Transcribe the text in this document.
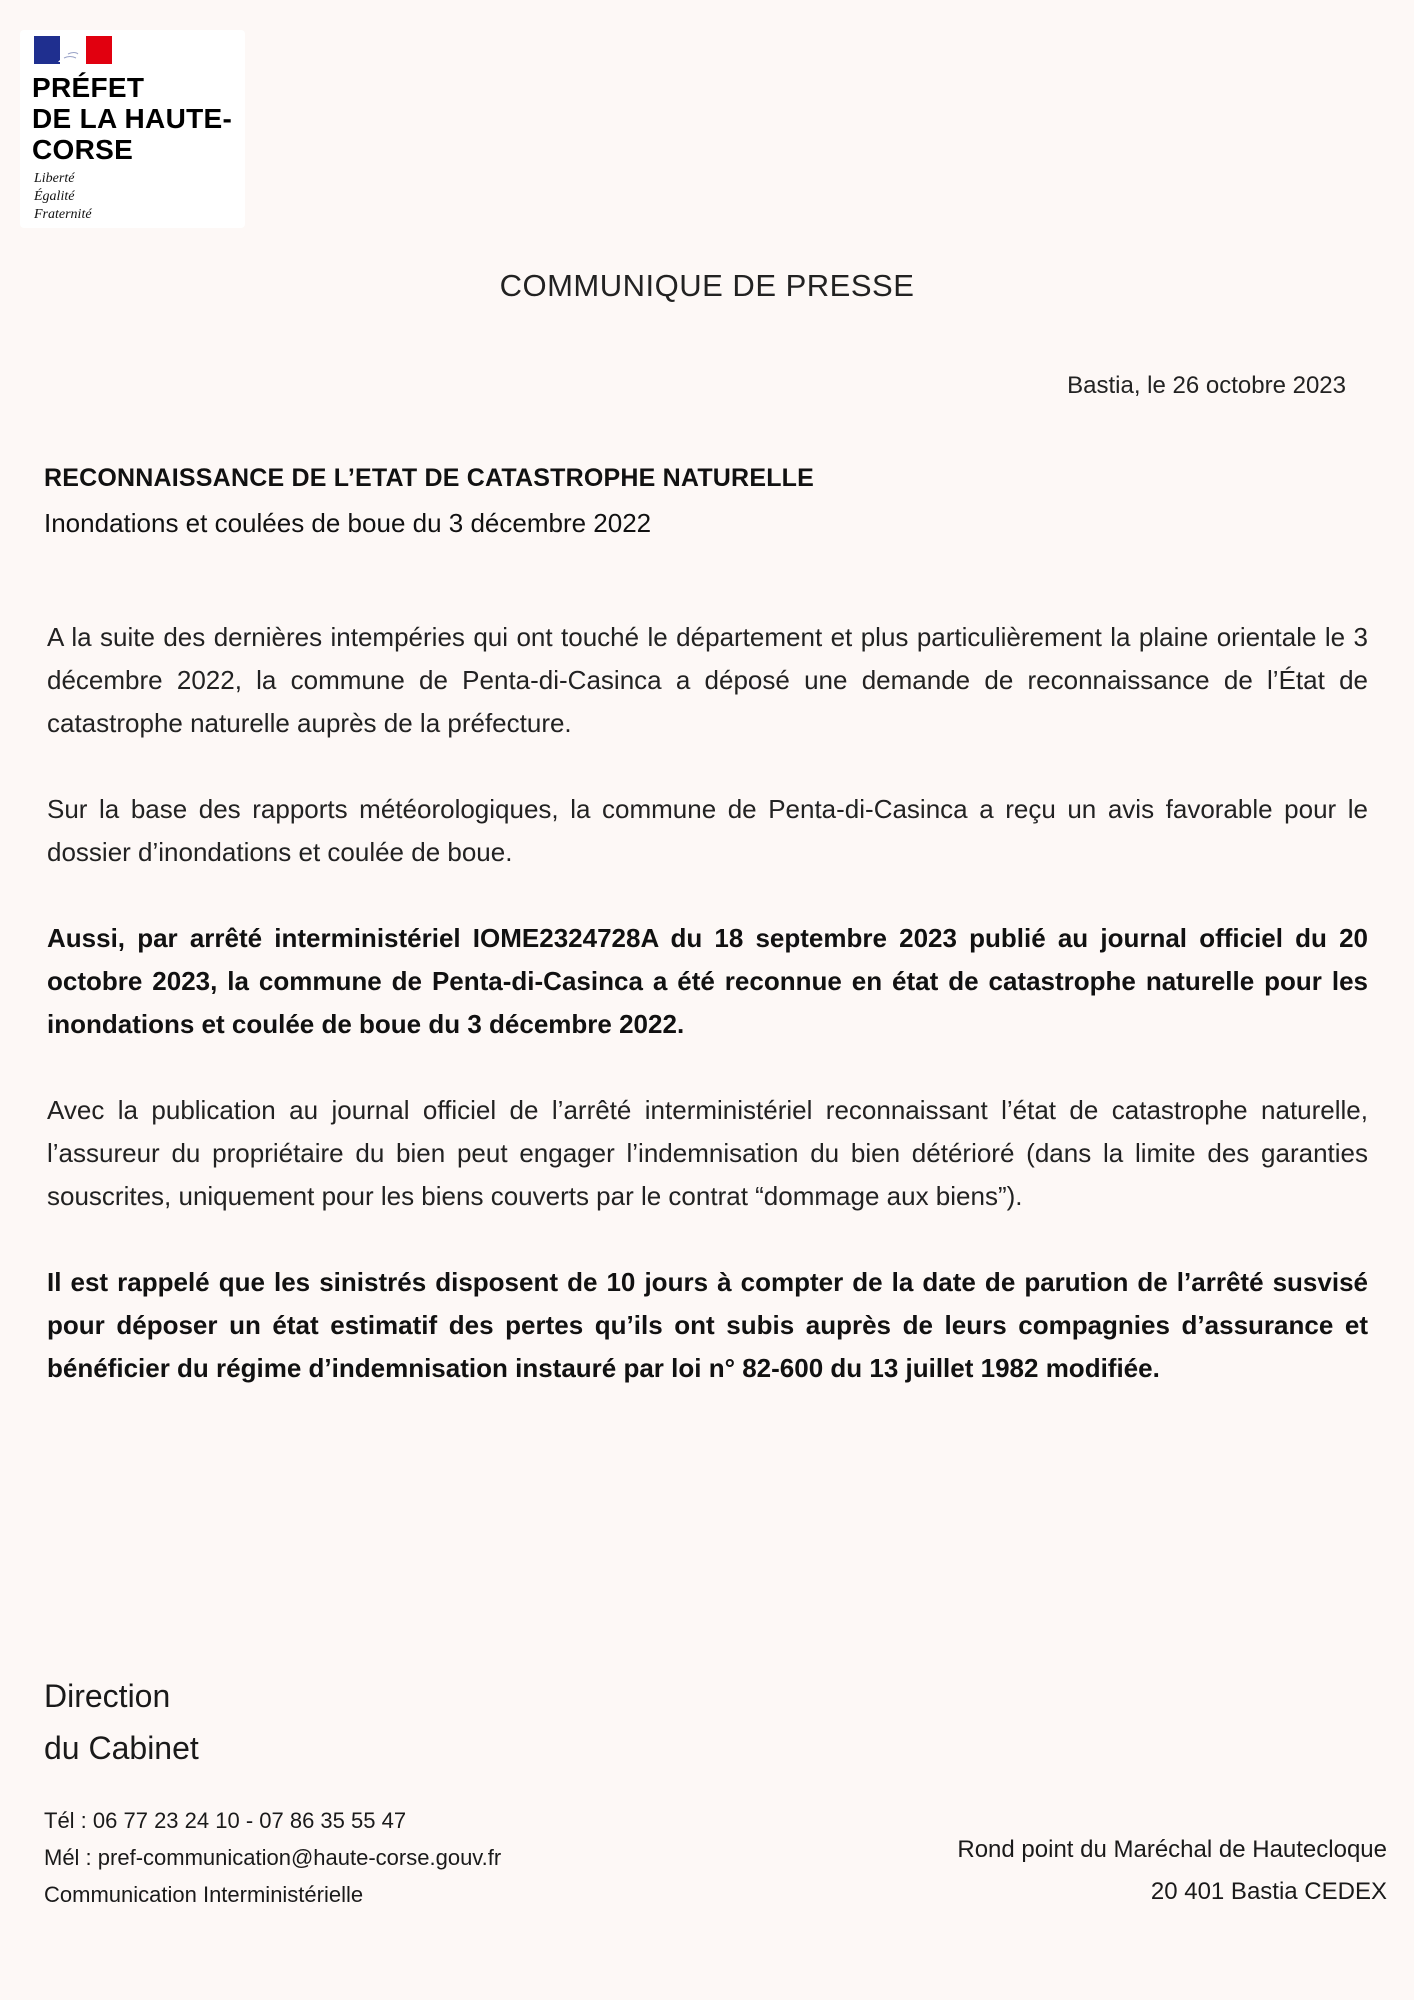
PRÉFET
DE LA HAUTE-
CORSE
Liberté
Égalité
Fraternité
COMMUNIQUE DE PRESSE
Bastia, le 26 octobre 2023
RECONNAISSANCE DE L’ETAT DE CATASTROPHE NATURELLE
Inondations et coulées de boue du 3 décembre 2022

A la suite des dernières intempéries qui ont touché le département et plus particulièrement la plaine orientale le 3 décembre 2022, la commune de Penta-di-Casinca a déposé une demande de reconnaissance de l’État de catastrophe naturelle auprès de la préfecture.

Sur la base des rapports météorologiques, la commune de Penta-di-Casinca a reçu un avis favorable pour le dossier d’inondations et coulée de boue.

Aussi, par arrêté interministériel IOME2324728A du 18 septembre 2023 publié au journal officiel du 20 octobre 2023, la commune de Penta-di-Casinca a été reconnue en état de catastrophe naturelle pour les inondations et coulée de boue du 3 décembre 2022.

Avec la publication au journal officiel de l’arrêté interministériel reconnaissant l’état de catastrophe naturelle, l’assureur du propriétaire du bien peut engager l’indemnisation du bien détérioré (dans la limite des garanties souscrites, uniquement pour les biens couverts par le contrat “dommage aux biens”).

Il est rappelé que les sinistrés disposent de 10 jours à compter de la date de parution de l’arrêté susvisé pour déposer un état estimatif des pertes qu’ils ont subis auprès de leurs compagnies d’assurance et bénéficier du régime d’indemnisation instauré par loi n° 82-600 du 13 juillet 1982 modifiée.

Direction
du Cabinet
Tél : 06 77 23 24 10 - 07 86 35 55 47
Mél : pref-communication@haute-corse.gouv.fr
Communication Interministérielle
Rond point du Maréchal de Hautecloque
20 401 Bastia CEDEX
